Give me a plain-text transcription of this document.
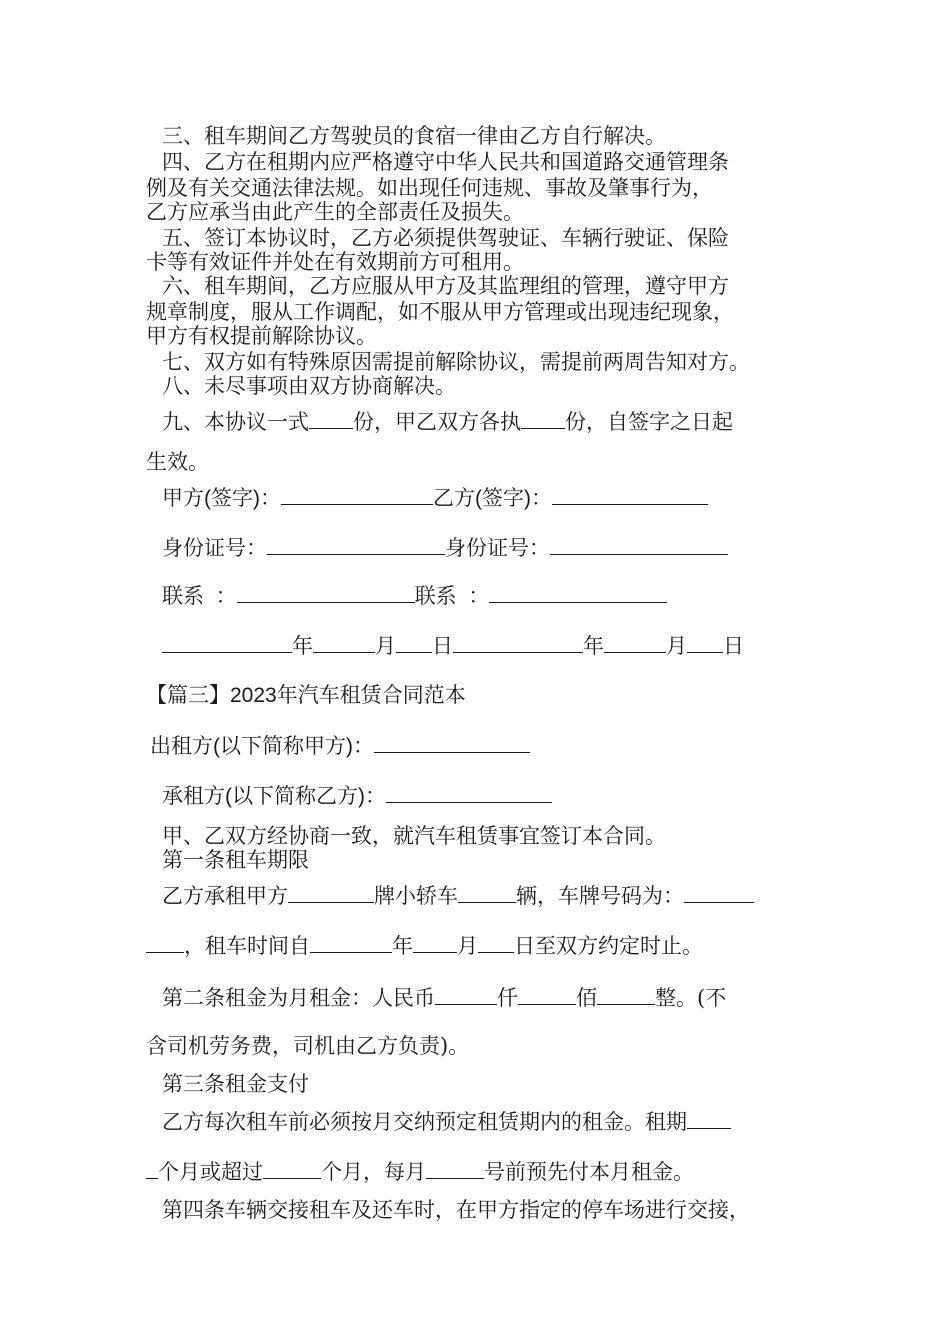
三、租车期间乙方驾驶员的食宿一律由乙方自行解决。
四、乙方在租期内应严格遵守中华人民共和国道路交通管理条
例及有关交通法律法规。如出现任何违规、事故及肇事行为，
乙方应承当由此产生的全部责任及损失。
五、签订本协议时，乙方必须提供驾驶证、车辆行驶证、保险
卡等有效证件并处在有效期前方可租用。
六、租车期间，乙方应服从甲方及其监理组的管理，遵守甲方
规章制度，服从工作调配，如不服从甲方管理或出现违纪现象，
甲方有权提前解除协议。
七、双方如有特殊原因需提前解除协议，需提前两周告知对方。
八、未尽事项由双方协商解决。
九、本协议一式 份，甲乙双方各执 份，自签字之日起
生效。
甲方(签字)：	乙方(签字)：
身份证号：	身份证号：
联系  ：	联系  ：
年	月 日	年	月 日
【篇三】2023年汽车租赁合同范本
出租方(以下简称甲方)：
承租方(以下简称乙方)：
甲、乙双方经协商一致，就汽车租赁事宜签订本合同。
第一条租车期限
乙方承租甲方	牌小轿车	辆，车牌号码为：
，租车时间自	年 月 日至双方约定时止。
第二条租金为月租金：人民币	仟	佰	整。(不
含司机劳务费，司机由乙方负责)。
第三条租金支付
乙方每次租车前必须按月交纳预定租赁期内的租金。租期
个月或超过	个月，每月	号前预先付本月租金。
第四条车辆交接租车及还车时，在甲方指定的停车场进行交接，
